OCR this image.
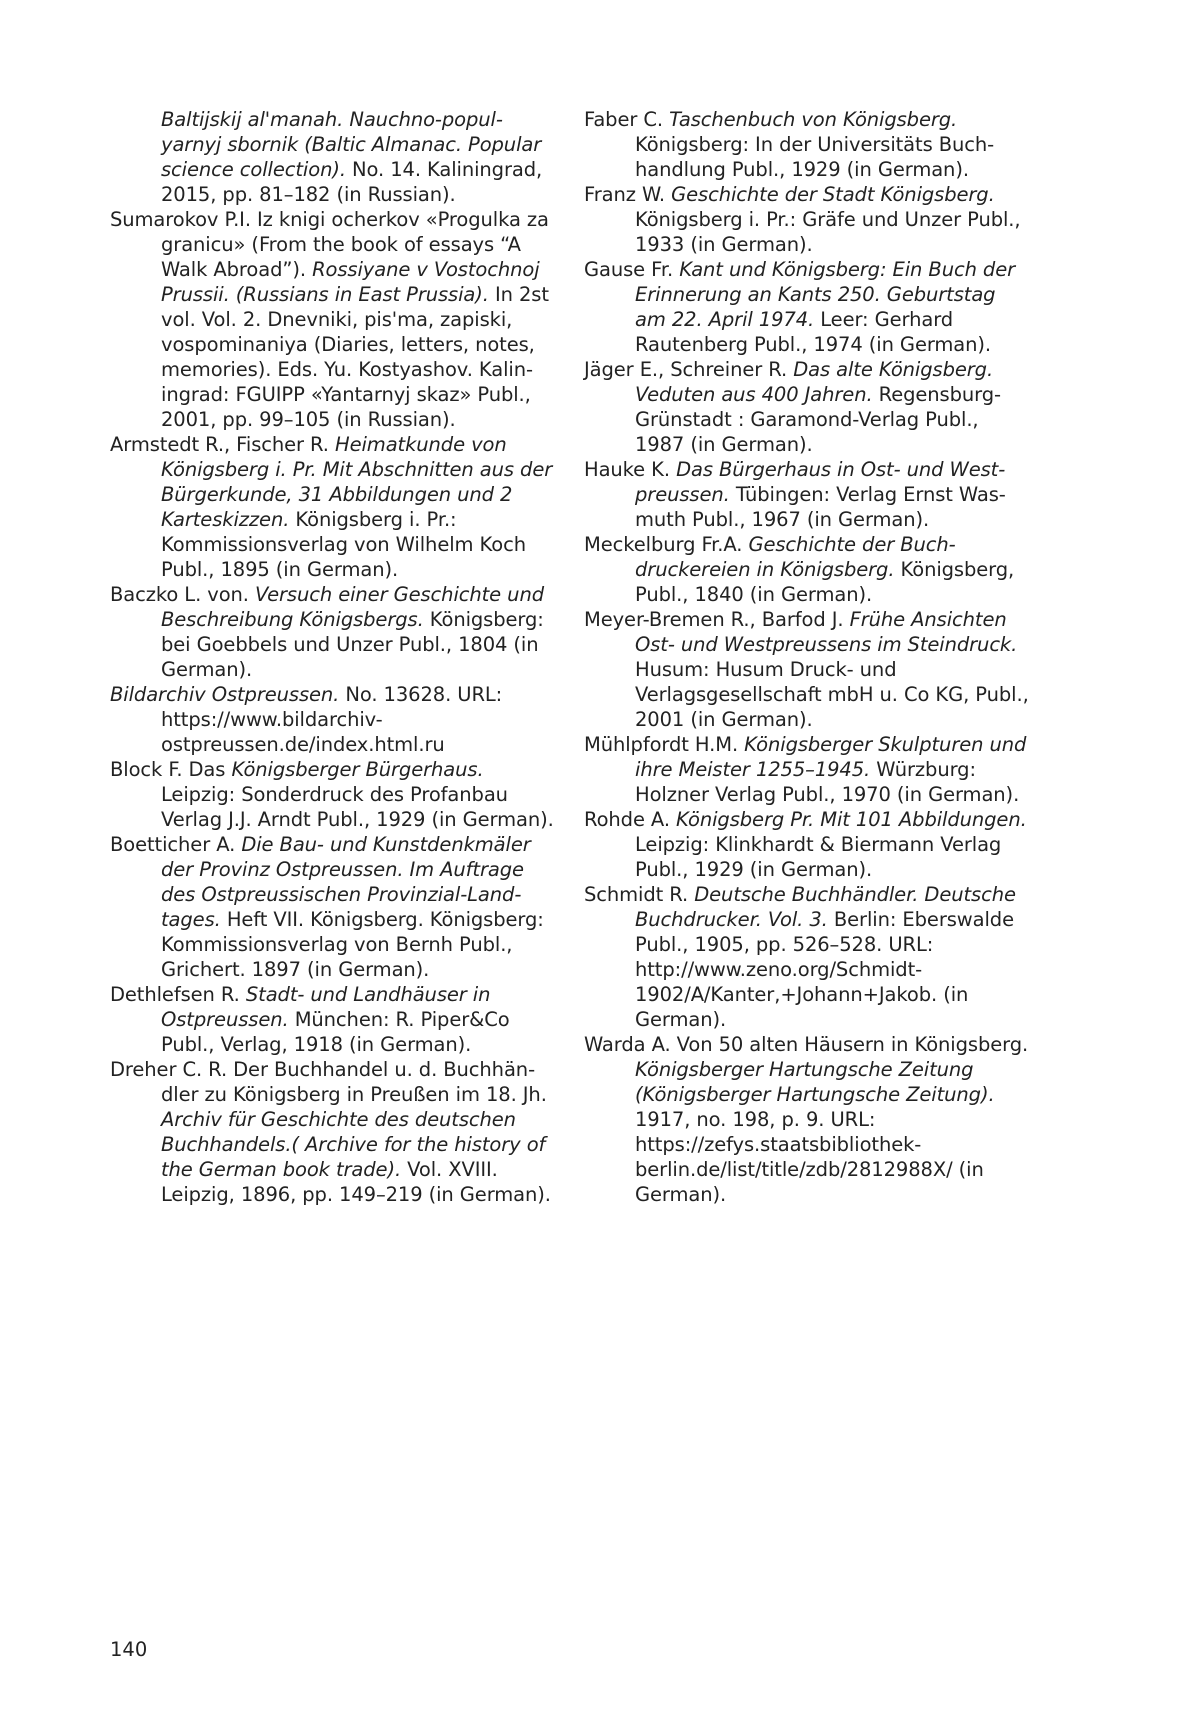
Baltijskij al'manah. Nauchno-populyarnyj sbornik (Baltic Almanac. Popular science collection). No. 14. Kaliningrad, 2015, pp. 81–182 (in Russian).

Sumarokov P.I. Iz knigi ocherkov «Progulka za granicu» (From the book of essays “A Walk Abroad”). Rossiyane v Vostochnoj Prussii. (Russians in East Prussia). In 2st vol. Vol. 2. Dnevniki, pis'ma, zapiski, vospominaniya (Diaries, letters, notes, memories). Eds. Yu. Kostyashov. Kaliningrad: FGUIPP «Yantarnyj skaz» Publ., 2001, pp. 99–105 (in Russian).

Armstedt R., Fischer R. Heimatkunde von Königsberg i. Pr. Mit Abschnitten aus der Bürgerkunde, 31 Abbildungen und 2 Karteskizzen. Königsberg i. Pr.: Kommissionsverlag von Wilhelm Koch Publ., 1895 (in German).

Baczko L. von. Versuch einer Geschichte und Beschreibung Königsbergs. Königsberg: bei Goebbels und Unzer Publ., 1804 (in German).

Bildarchiv Ostpreussen. No. 13628. URL: https://www.bildarchiv-ostpreussen.de/index.html.ru

Block F. Das Königsberger Bürgerhaus. Leipzig: Sonderdruck des Profanbau Verlag J.J. Arndt Publ., 1929 (in German).

Boetticher A. Die Bau- und Kunstdenkmäler der Provinz Ostpreussen. Im Auftrage des Ostpreussischen Provinzial-Landtages. Heft VII. Königsberg. Königsberg: Kommissionsverlag von Bernh Publ., Grichert. 1897 (in German).

Dethlefsen R. Stadt- und Landhäuser in Ostpreussen. München: R. Piper&Co Publ., Verlag, 1918 (in German).

Dreher C. R. Der Buchhandel u. d. Buchhändler zu Königsberg in Preußen im 18. Jh. Archiv für Geschichte des deutschen Buchhandels.( Archive for the history of the German book trade). Vol. XVIII. Leipzig, 1896, pp. 149–219 (in German).

Faber C. Taschenbuch von Königsberg. Königsberg: In der Universitäts Buchhandlung Publ., 1929 (in German).

Franz W. Geschichte der Stadt Königsberg. Königsberg i. Pr.: Gräfe und Unzer Publ., 1933 (in German).

Gause Fr. Kant und Königsberg: Ein Buch der Erinnerung an Kants 250. Geburtstag am 22. April 1974. Leer: Gerhard Rautenberg Publ., 1974 (in German).

Jäger E., Schreiner R. Das alte Königsberg. Veduten aus 400 Jahren. Regensburg-Grünstadt : Garamond-Verlag Publ., 1987 (in German).

Hauke K. Das Bürgerhaus in Ost- und Westpreussen. Tübingen: Verlag Ernst Wasmuth Publ., 1967 (in German).

Meckelburg Fr.A. Geschichte der Buchdruckereien in Königsberg. Königsberg, Publ., 1840 (in German).

Meyer-Bremen R., Barfod J. Frühe Ansichten Ost- und Westpreussens im Steindruck. Husum: Husum Druck- und Verlagsgesellschaft mbH u. Co KG, Publ., 2001 (in German).

Mühlpfordt H.M. Königsberger Skulpturen und ihre Meister 1255–1945. Würzburg: Holzner Verlag Publ., 1970 (in German).

Rohde A. Königsberg Pr. Mit 101 Abbildungen. Leipzig: Klinkhardt & Biermann Verlag Publ., 1929 (in German).

Schmidt R. Deutsche Buchhändler. Deutsche Buchdrucker. Vol. 3. Berlin: Eberswalde Publ., 1905, pp. 526–528. URL: http://www.zeno.org/Schmidt-1902/A/Kanter,+Johann+Jakob. (in German).

Warda A. Von 50 alten Häusern in Königsberg. Königsberger Hartungsche Zeitung (Königsberger Hartungsche Zeitung). 1917, no. 198, p. 9. URL: https://zefys.staatsbibliothek-berlin.de/list/title/zdb/2812988X/ (in German).

140
